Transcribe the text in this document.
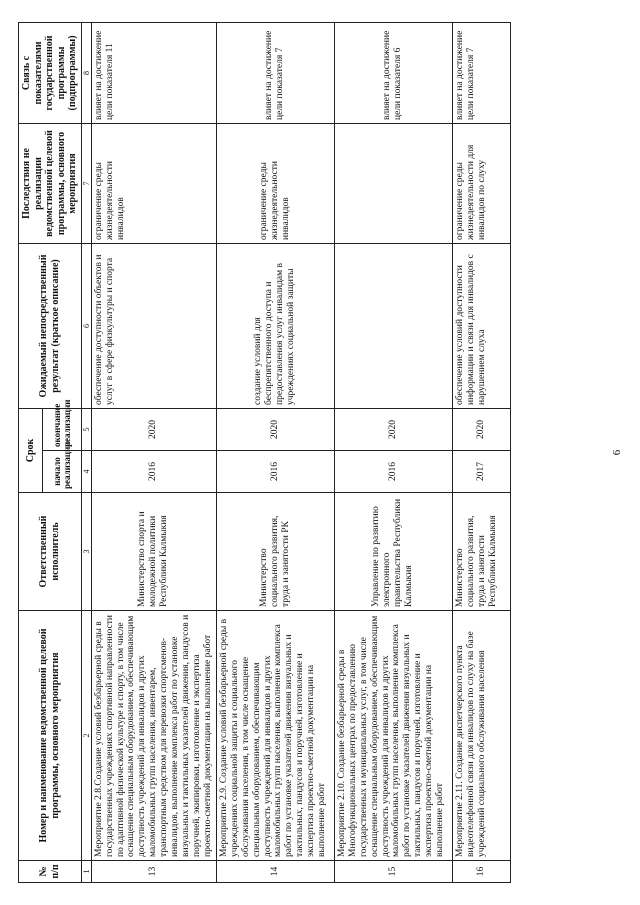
№ п/п	Номер и наименование ведомственной целевой программы, основного мероприятия	Ответственный исполнитель	Срок		Ожидаемый непосредственный результат (краткое описание)	Последствия не реализации ведомственной целевой программы, основного мероприятия	Связь с показателями государственной программы (подпрограммы)
			начало реализации	окончание реализации			
1	2	3	4	5	6	7	8
13	Мероприятие 2.8.Создание условий безбарьерной среды в государственных учреждениях спортивной направленности по адаптивной физической культуре и спорту, в том числе оснащение специальным оборудованием, обеспечивающим доступность учреждений для инвалидов и других маломобильных групп населения, инвентарем, транспортным средством для перевозки спортсменов-инвалидов, выполнение комплекса работ по установке визуальных и тактильных указателей движения, пандусов и поручней, экипировки, изготовление и экспертиза проектно-сметной документации на выполнение работ	Министерство спорта и молодежной политики Республики Калмыкия	2016	2020	обеспечение доступности объектов и услуг в сфере физкультуры и спорта	ограничение среды жизнедеятельности инвалидов	влияет на достижение цели показателя 11
14	Мероприятие 2.9. Создание условий безбарьерной среды в учреждениях социальной защиты и социального обслуживания населения, в том числе оснащение специальным оборудованием, обеспечивающим доступность учреждений для инвалидов и других маломобильных групп населения, выполнение комплекса работ по установке указателей движения визуальных и тактильных, пандусов и поручней, изготовление и экспертиза проектно-сметной документации на выполнение работ	Министерство социального развития, труда и занятости РК	2016	2020	создание условий для беспрепятственного доступа и предоставления услуг инвалидам в учреждениях социальной защиты	ограничение среды жизнедеятельности инвалидов	влияет на достижение цели показателя 7
15	Мероприятие 2.10. Создание безбарьерной среды в Многофункциональных центрах по предоставлению государственных и муниципальных услуг, в том числе оснащение специальным оборудованием, обеспечивающим доступность учреждений для инвалидов и других маломобильных групп населения, выполнение комплекса работ по установке указателей движения визуальных и тактильных, пандусов и поручней, изготовление и экспертиза проектно-сметной документации на выполнение работ	Управление по развитию электронного правительства Республики Калмыкия	2016	2020			влияет на достижение цели показателя 6
16	Мероприятие 2.11. Создание диспетчерского пункта видеотелефонной связи для инвалидов по слуху на базе учреждений социального обслуживания населения	Министерство социального развития, труда и занятости Республики Калмыкия	2017	2020	обеспечение условий доступности информации и связи для инвалидов с нарушением слуха	ограничение среды жизнедеятельности для инвалидов по слуху	влияет на достижение цели показателя 7
6
